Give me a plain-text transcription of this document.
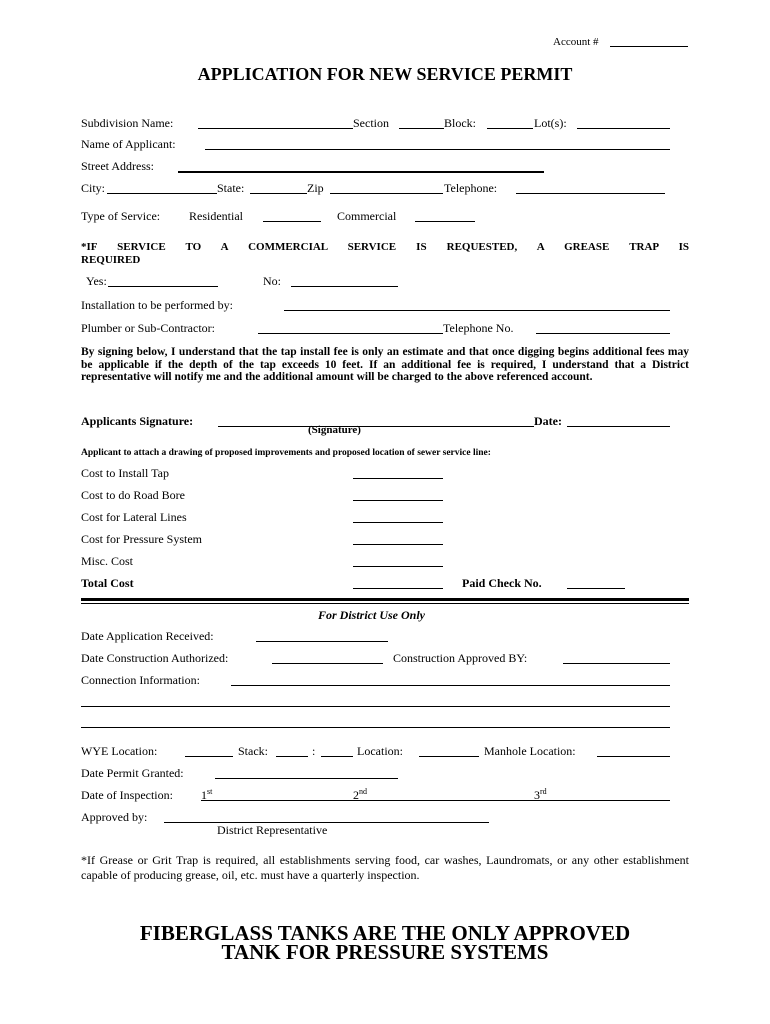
Account #
APPLICATION FOR NEW SERVICE PERMIT
Subdivision Name:	Section	Block:	Lot(s):
Name of Applicant:
Street Address:
City:	State:	Zip	Telephone:
Type of Service: Residential	Commercial
*IF SERVICE TO A COMMERCIAL SERVICE IS REQUESTED, A GREASE TRAP IS
REQUIRED
Yes:	No:
Installation to be performed by:
Plumber or Sub-Contractor:	Telephone No.
By signing below, I understand that the tap install fee is only an estimate and that once digging begins additional fees may be applicable if the depth of the tap exceeds 10 feet. If an additional fee is required, I understand that a District representative will notify me and the additional amount will be charged to the above referenced account.
Applicants Signature:	Date:
(Signature)
Applicant to attach a drawing of proposed improvements and proposed location of sewer service line:
Cost to Install Tap
Cost to do Road Bore
Cost for Lateral Lines
Cost for Pressure System
Misc. Cost
Total Cost	Paid Check No.
For District Use Only
Date Application Received:
Date Construction Authorized:	Construction Approved BY:
Connection Information:
WYE Location:	Stack:	:	Location:	Manhole Location:
Date Permit Granted:
Date of Inspection: 1st	2nd	3rd
Approved by:
District Representative
*If Grease or Grit Trap is required, all establishments serving food, car washes, Laundromats, or any other establishment capable of producing grease, oil, etc. must have a quarterly inspection.
FIBERGLASS TANKS ARE THE ONLY APPROVED
TANK FOR PRESSURE SYSTEMS
